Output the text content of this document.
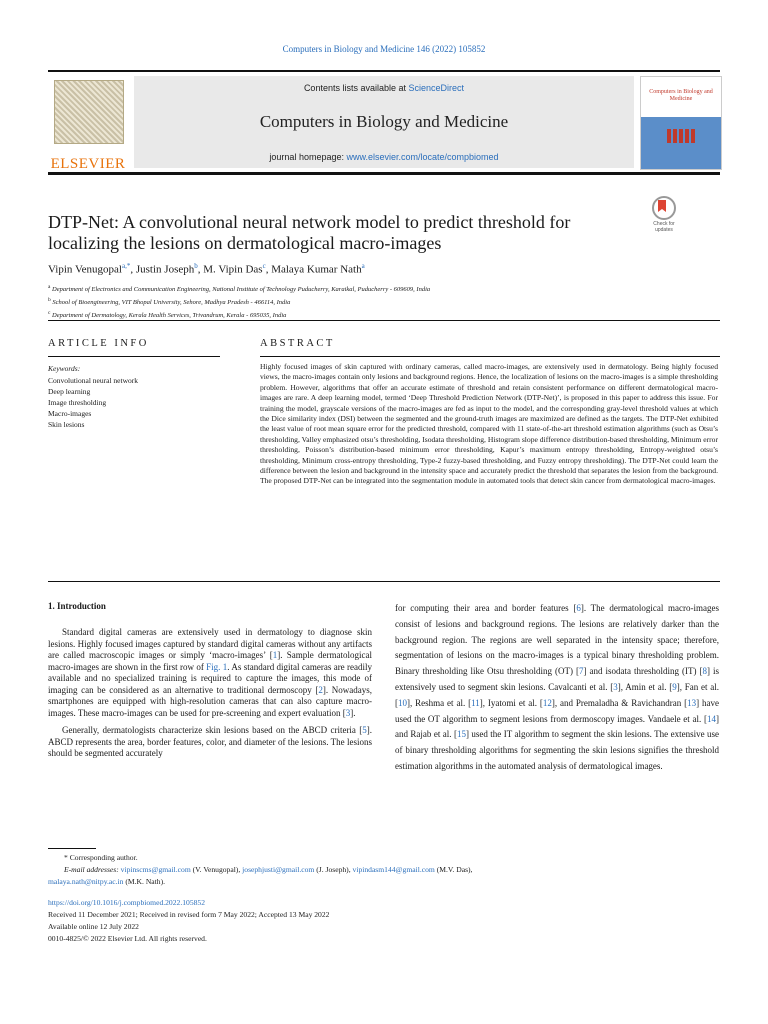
Computers in Biology and Medicine 146 (2022) 105852
ELSEVIER
Contents lists available at ScienceDirect
Computers in Biology and Medicine
journal homepage: www.elsevier.com/locate/compbiomed
Computers in Biology and Medicine
DTP-Net: A convolutional neural network model to predict threshold for localizing the lesions on dermatological macro-images
Check for updates
Vipin Venugopal$^{a,*}$, Justin Joseph$^b$, M. Vipin Das$^c$, Malaya Kumar Nath$^a$
$^a$ Department of Electronics and Communication Engineering, National Institute of Technology Puducherry, Karaikal, Puducherry - 609609, India
$^b$ School of Bioengineering, VIT Bhopal University, Sehore, Madhya Pradesh - 466114, India
$^c$ Department of Dermatology, Kerala Health Services, Trivandrum, Kerala - 695035, India
ARTICLE INFO	ABSTRACT
Keywords:
Convolutional neural network
Deep learning
Image thresholding
Macro-images
Skin lesions
Highly focused images of skin captured with ordinary cameras, called macro-images, are extensively used in dermatology. Being highly focused views, the macro-images contain only lesions and background regions. Hence, the localization of lesions on the macro-images is a simple thresholding problem. However, algorithms that offer an accurate estimate of threshold and retain consistent performance on different dermatological macro-images are rare. A deep learning model, termed ‘Deep Threshold Prediction Network (DTP-Net)’, is proposed in this paper to address this issue. For training the model, grayscale versions of the macro-images are fed as input to the model, and the corresponding gray-level threshold values at which the Dice similarity index (DSI) between the segmented and the ground-truth images are maximized are defined as the targets. The DTP-Net exhibited the least value of root mean square error for the predicted threshold, compared with 11 state-of-the-art threshold estimation algorithms (such as Otsu’s thresholding, Valley emphasized otsu’s thresholding, Isodata thresholding, Histogram slope difference distribution-based thresholding, Minimum error thresholding, Poisson’s distribution-based minimum error thresholding, Kapur’s maximum entropy thresholding, Entropy-weighted otsu’s thresholding, Minimum cross-entropy thresholding, Type-2 fuzzy-based thresholding, and Fuzzy entropy thresholding). The DTP-Net could learn the difference between the lesion and background in the intensity space and accurately predict the threshold that separates the lesion from the background. The proposed DTP-Net can be integrated into the segmentation module in automated tools that detect skin cancer from dermatological macro-images.
1. Introduction

Standard digital cameras are extensively used in dermatology to diagnose skin lesions. Highly focused images captured by standard digital cameras without any artifacts are called macroscopic images or simply ‘macro-images’ [1]. Sample dermatological macro-images are shown in the first row of Fig. 1. As standard digital cameras are readily available and no specialized training is required to capture the images, this mode of imaging can be considered as an alternative to traditional dermoscopy [2]. Nowadays, smartphones are equipped with high-resolution cameras that can also capture macro-images. These macro-images can be used for pre-screening and expert evaluation [3].

Generally, dermatologists characterize skin lesions based on the ABCD criteria [5]. ABCD represents the area, border features, color, and diameter of the lesions. The lesions should be segmented accurately

for computing their area and border features [6]. The dermatological macro-images consist of lesions and background regions. The lesions are relatively darker than the background region. The regions are well separated in the intensity space; therefore, segmentation of lesions on the macro-images is a typical binary thresholding problem. Binary thresholding like Otsu thresholding (OT) [7] and isodata thresholding (IT) [8] is extensively used to segment skin lesions. Cavalcanti et al. [3], Amin et al. [9], Fan et al. [10], Reshma et al. [11], Iyatomi et al. [12], and Premaladha & Ravichandran [13] have used the OT algorithm to segment lesions from dermoscopy images. Vandaele et al. [14] and Rajab et al. [15] used the IT algorithm to segment the skin lesions. The extensive use of binary thresholding algorithms for segmenting the skin lesions signifies the threshold estimation algorithms in the automated analysis of dermatological images.
* Corresponding author.
E-mail addresses: vipinscms@gmail.com (V. Venugopal), josephjusti@gmail.com (J. Joseph), vipindasm144@gmail.com (M.V. Das),
malaya.nath@nitpy.ac.in (M.K. Nath).
https://doi.org/10.1016/j.compbiomed.2022.105852
Received 11 December 2021; Received in revised form 7 May 2022; Accepted 13 May 2022
Available online 12 July 2022
0010-4825/© 2022 Elsevier Ltd. All rights reserved.
